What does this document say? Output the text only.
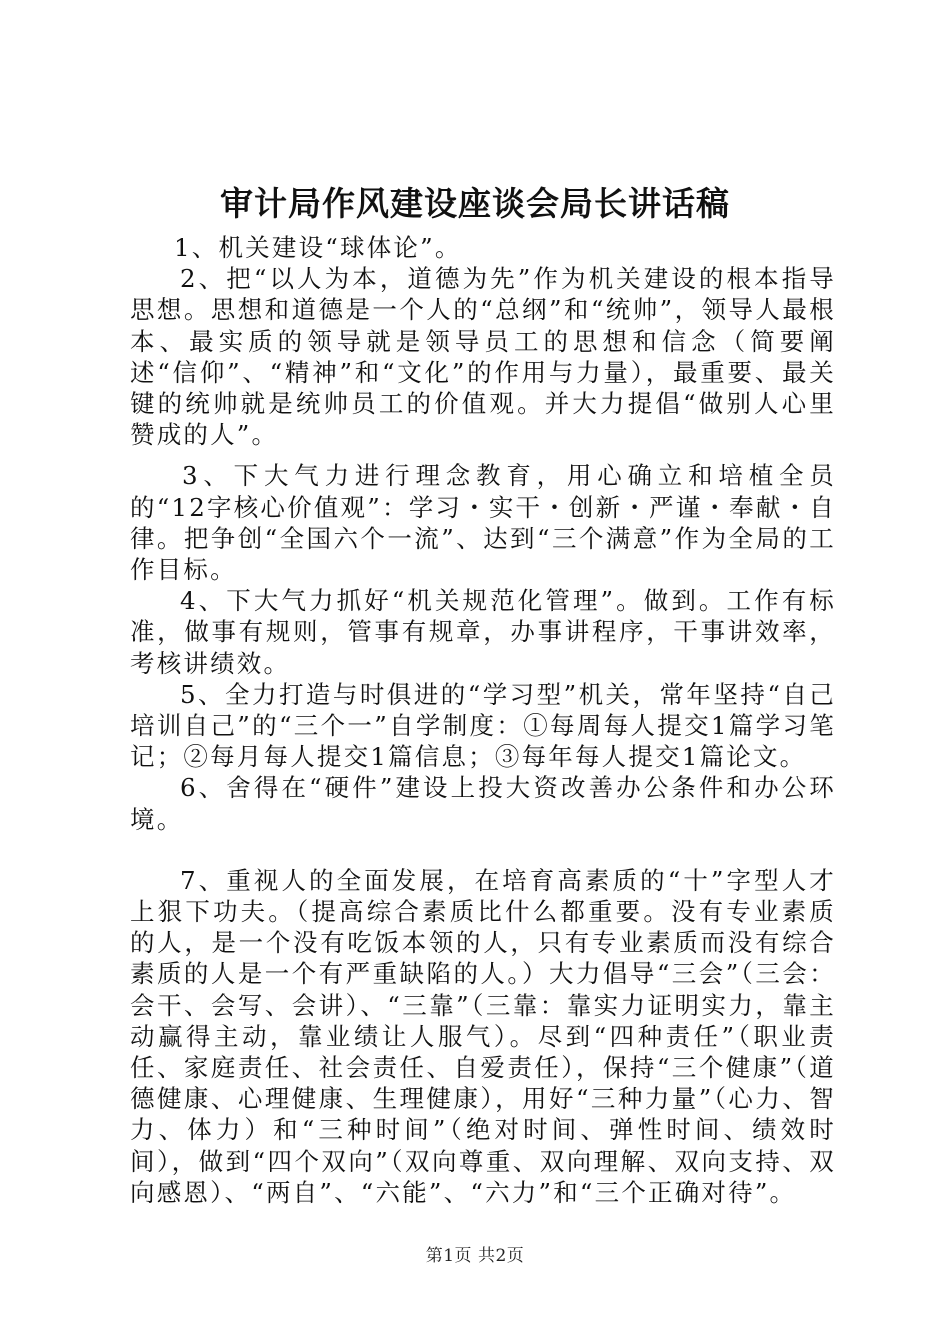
审计局作风建设座谈会局长讲话稿

1、机关建设“球体论”。

2、把“以人为本，道德为先”作为机关建设的根本指导思想。思想和道德是一个人的“总纲”和“统帅”，领导人最根本、最实质的领导就是领导员工的思想和信念（简要阐述“信仰”、“精神”和“文化”的作用与力量），最重要、最关键的统帅就是统帅员工的价值观。并大力提倡“做别人心里赞成的人”。

3、下大气力进行理念教育，用心确立和培植全员的“12字核心价值观”：学习・实干・创新・严谨・奉献・自律。把争创“全国六个一流”、达到“三个满意”作为全局的工作目标。

4、下大气力抓好“机关规范化管理”。做到。工作有标准，做事有规则，管事有规章，办事讲程序，干事讲效率，考核讲绩效。

5、全力打造与时俱进的“学习型”机关，常年坚持“自己培训自己”的“三个一”自学制度：①每周每人提交1篇学习笔记；②每月每人提交1篇信息；③每年每人提交1篇论文。

6、舍得在“硬件”建设上投大资改善办公条件和办公环境。

7、重视人的全面发展，在培育高素质的“十”字型人才上狠下功夫。（提高综合素质比什么都重要。没有专业素质的人，是一个没有吃饭本领的人，只有专业素质而没有综合素质的人是一个有严重缺陷的人。）大力倡导“三会”（三会：会干、会写、会讲）、“三靠”（三靠：靠实力证明实力，靠主动赢得主动，靠业绩让人服气）。尽到“四种责任”（职业责任、家庭责任、社会责任、自爱责任），保持“三个健康”（道德健康、心理健康、生理健康），用好“三种力量”（心力、智力、体力）和“三种时间”（绝对时间、弹性时间、绩效时间），做到“四个双向”（双向尊重、双向理解、双向支持、双向感恩）、“两自”、“六能”、“六力”和“三个正确对待”。

第1页 共2页
